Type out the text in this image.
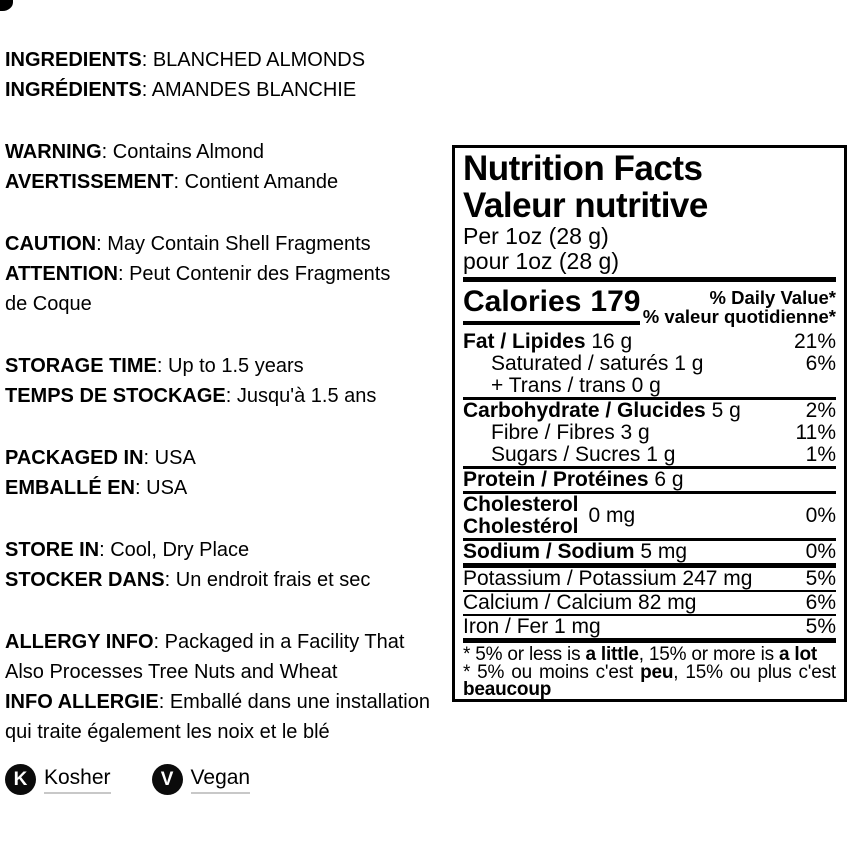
INGREDIENTS: BLANCHED ALMONDS
INGRÉDIENTS: AMANDES BLANCHIE
WARNING: Contains Almond
AVERTISSEMENT: Contient Amande
CAUTION: May Contain Shell Fragments
ATTENTION: Peut Contenir des Fragments
de Coque
STORAGE TIME: Up to 1.5 years
TEMPS DE STOCKAGE: Jusqu'à 1.5 ans
PACKAGED IN: USA
EMBALLÉ EN: USA
STORE IN: Cool, Dry Place
STOCKER DANS: Un endroit frais et sec
ALLERGY INFO: Packaged in a Facility That
Also Processes Tree Nuts and Wheat
INFO ALLERGIE: Emballé dans une installation
qui traite également les noix et le blé
Nutrition Facts
Valeur nutritive
Per 1oz (28 g)
pour 1oz (28 g)
Calories 179	% Daily Value*
% valeur quotidienne*
Fat / Lipides 16 g	21%
Saturated / saturés 1 g	6%
+ Trans / trans 0 g
Carbohydrate / Glucides 5 g	2%
Fibre / Fibres 3 g	11%
Sugars / Sucres 1 g	1%
Protein / Protéines 6 g
Cholesterol
Cholestérol 0 mg	0%
Sodium / Sodium 5 mg	0%
Potassium / Potassium 247 mg	5%
Calcium / Calcium 82 mg	6%
Iron / Fer 1 mg	5%
* 5% or less is a little, 15% or more is a lot
* 5% ou moins c'est peu, 15% ou plus c'est
beaucoup
K Kosher	V Vegan
